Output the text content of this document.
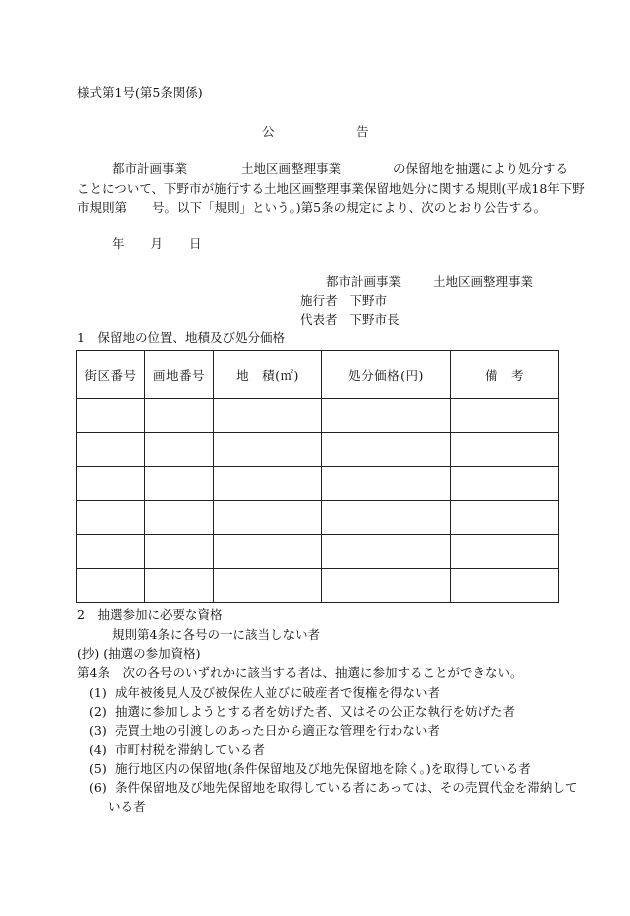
様式第1号(第5条関係)
公	告
都市計画事業	土地区画整理事業	の保留地を抽選により処分する
ことについて、下野市が施行する土地区画整理事業保留地処分に関する規則(平成18年下野
市規則第　　号。以下「規則」という。)第5条の規定により、次のとおり公告する。
年 月 日
都市計画事業	土地区画整理事業
施行者 下野市
代表者 下野市長
1　保留地の位置、地積及び処分価格
街区番号	画地番号	地　積(㎡)	処分価格(円)	備　考

2　抽選参加に必要な資格
規則第4条に各号の一に該当しない者
(抄) (抽選の参加資格)
第4条　次の各号のいずれかに該当する者は、抽選に参加することができない。
(1) 成年被後見人及び被保佐人並びに破産者で復権を得ない者
(2) 抽選に参加しようとする者を妨げた者、又はその公正な執行を妨げた者
(3) 売買土地の引渡しのあった日から適正な管理を行わない者
(4) 市町村税を滞納している者
(5) 施行地区内の保留地(条件保留地及び地先保留地を除く。)を取得している者
(6) 条件保留地及び地先保留地を取得している者にあっては、その売買代金を滞納して
いる者
